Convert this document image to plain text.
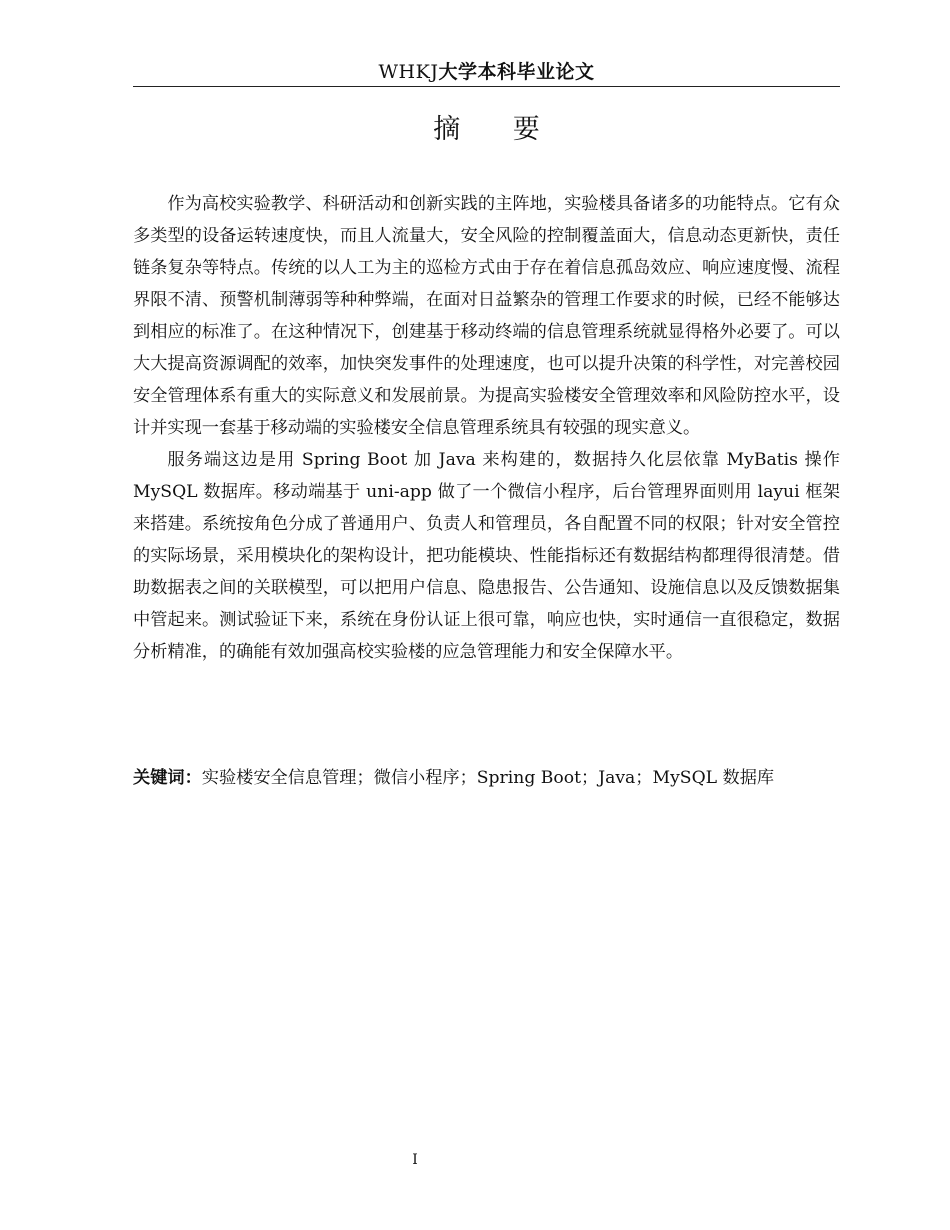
WHKJ大学本科毕业论文
摘 要

作为高校实验教学、科研活动和创新实践的主阵地，实验楼具备诸多的功能特点。它有众多类型的设备运转速度快，而且人流量大，安全风险的控制覆盖面大，信息动态更新快，责任链条复杂等特点。传统的以人工为主的巡检方式由于存在着信息孤岛效应、响应速度慢、流程界限不清、预警机制薄弱等种种弊端，在面对日益繁杂的管理工作要求的时候，已经不能够达到相应的标准了。在这种情况下，创建基于移动终端的信息管理系统就显得格外必要了。可以大大提高资源调配的效率，加快突发事件的处理速度，也可以提升决策的科学性，对完善校园安全管理体系有重大的实际意义和发展前景。为提高实验楼安全管理效率和风险防控水平，设计并实现一套基于移动端的实验楼安全信息管理系统具有较强的现实意义。

服务端这边是用 Spring Boot 加 Java 来构建的，数据持久化层依靠 MyBatis 操作 MySQL 数据库。移动端基于 uni-app 做了一个微信小程序，后台管理界面则用 layui 框架来搭建。系统按角色分成了普通用户、负责人和管理员，各自配置不同的权限；针对安全管控的实际场景，采用模块化的架构设计，把功能模块、性能指标还有数据结构都理得很清楚。借助数据表之间的关联模型，可以把用户信息、隐患报告、公告通知、设施信息以及反馈数据集中管起来。测试验证下来，系统在身份认证上很可靠，响应也快，实时通信一直很稳定，数据分析精准，的确能有效加强高校实验楼的应急管理能力和安全保障水平。

关键词：实验楼安全信息管理；微信小程序；Spring Boot；Java；MySQL 数据库
I
